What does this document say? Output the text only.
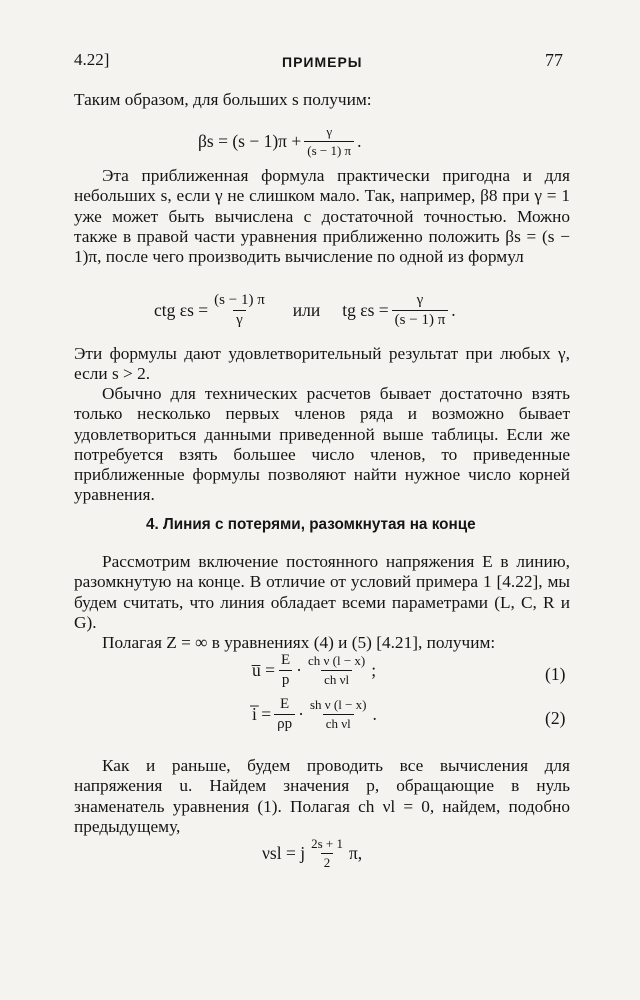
4.22]	ПРИМЕРЫ	77

Таким образом, для больших s получим:

$\beta s = (s - 1)\pi + \frac{\gamma}{(s - 1) \pi}$ .

Эта приближенная формула практически пригодна и для небольших s, если γ не слишком мало. Так, например, β8 при γ = 1 уже может быть вычислена с достаточной точностью. Можно также в правой части уравнения приближенно положить βs = (s − 1)π, после чего производить вычисление по одной из формул

ctg $\varepsilon s = \frac{(s - 1) \pi}{\gamma}$ или tg $\varepsilon s = \frac{\gamma}{(s - 1) \pi}$ .

Эти формулы дают удовлетворительный результат при любых γ, если s > 2.

Обычно для технических расчетов бывает достаточно взять только несколько первых членов ряда и возможно бывает удовлетвориться данными приведенной выше таблицы. Если же потребуется взять большее число членов, то приведенные приближенные формулы позволяют найти нужное число корней уравнения.

4. Линия с потерями, разомкнутая на конце

Рассмотрим включение постоянного напряжения E в линию, разомкнутую на конце. В отличие от условий примера 1 [4.22], мы будем считать, что линия обладает всеми параметрами (L, C, R и G).

Полагая Z = ∞ в уравнениях (4) и (5) [4.21], получим:

u̅ = $\frac{E}{p} \cdot \frac{\text{ch ν (l − x)}}{\text{ch νl}}$ ;	(1)
i̅ = $\frac{E}{\rho p} \cdot \frac{\text{sh ν (l − x)}}{\text{ch νl}}$ .	(2)

Как и раньше, будем проводить все вычисления для напряжения u. Найдем значения p, обращающие в нуль знаменатель уравнения (1). Полагая ch νl = 0, найдем, подобно предыдущему,

νsl = j $\frac{2s + 1}{2} \pi$,
